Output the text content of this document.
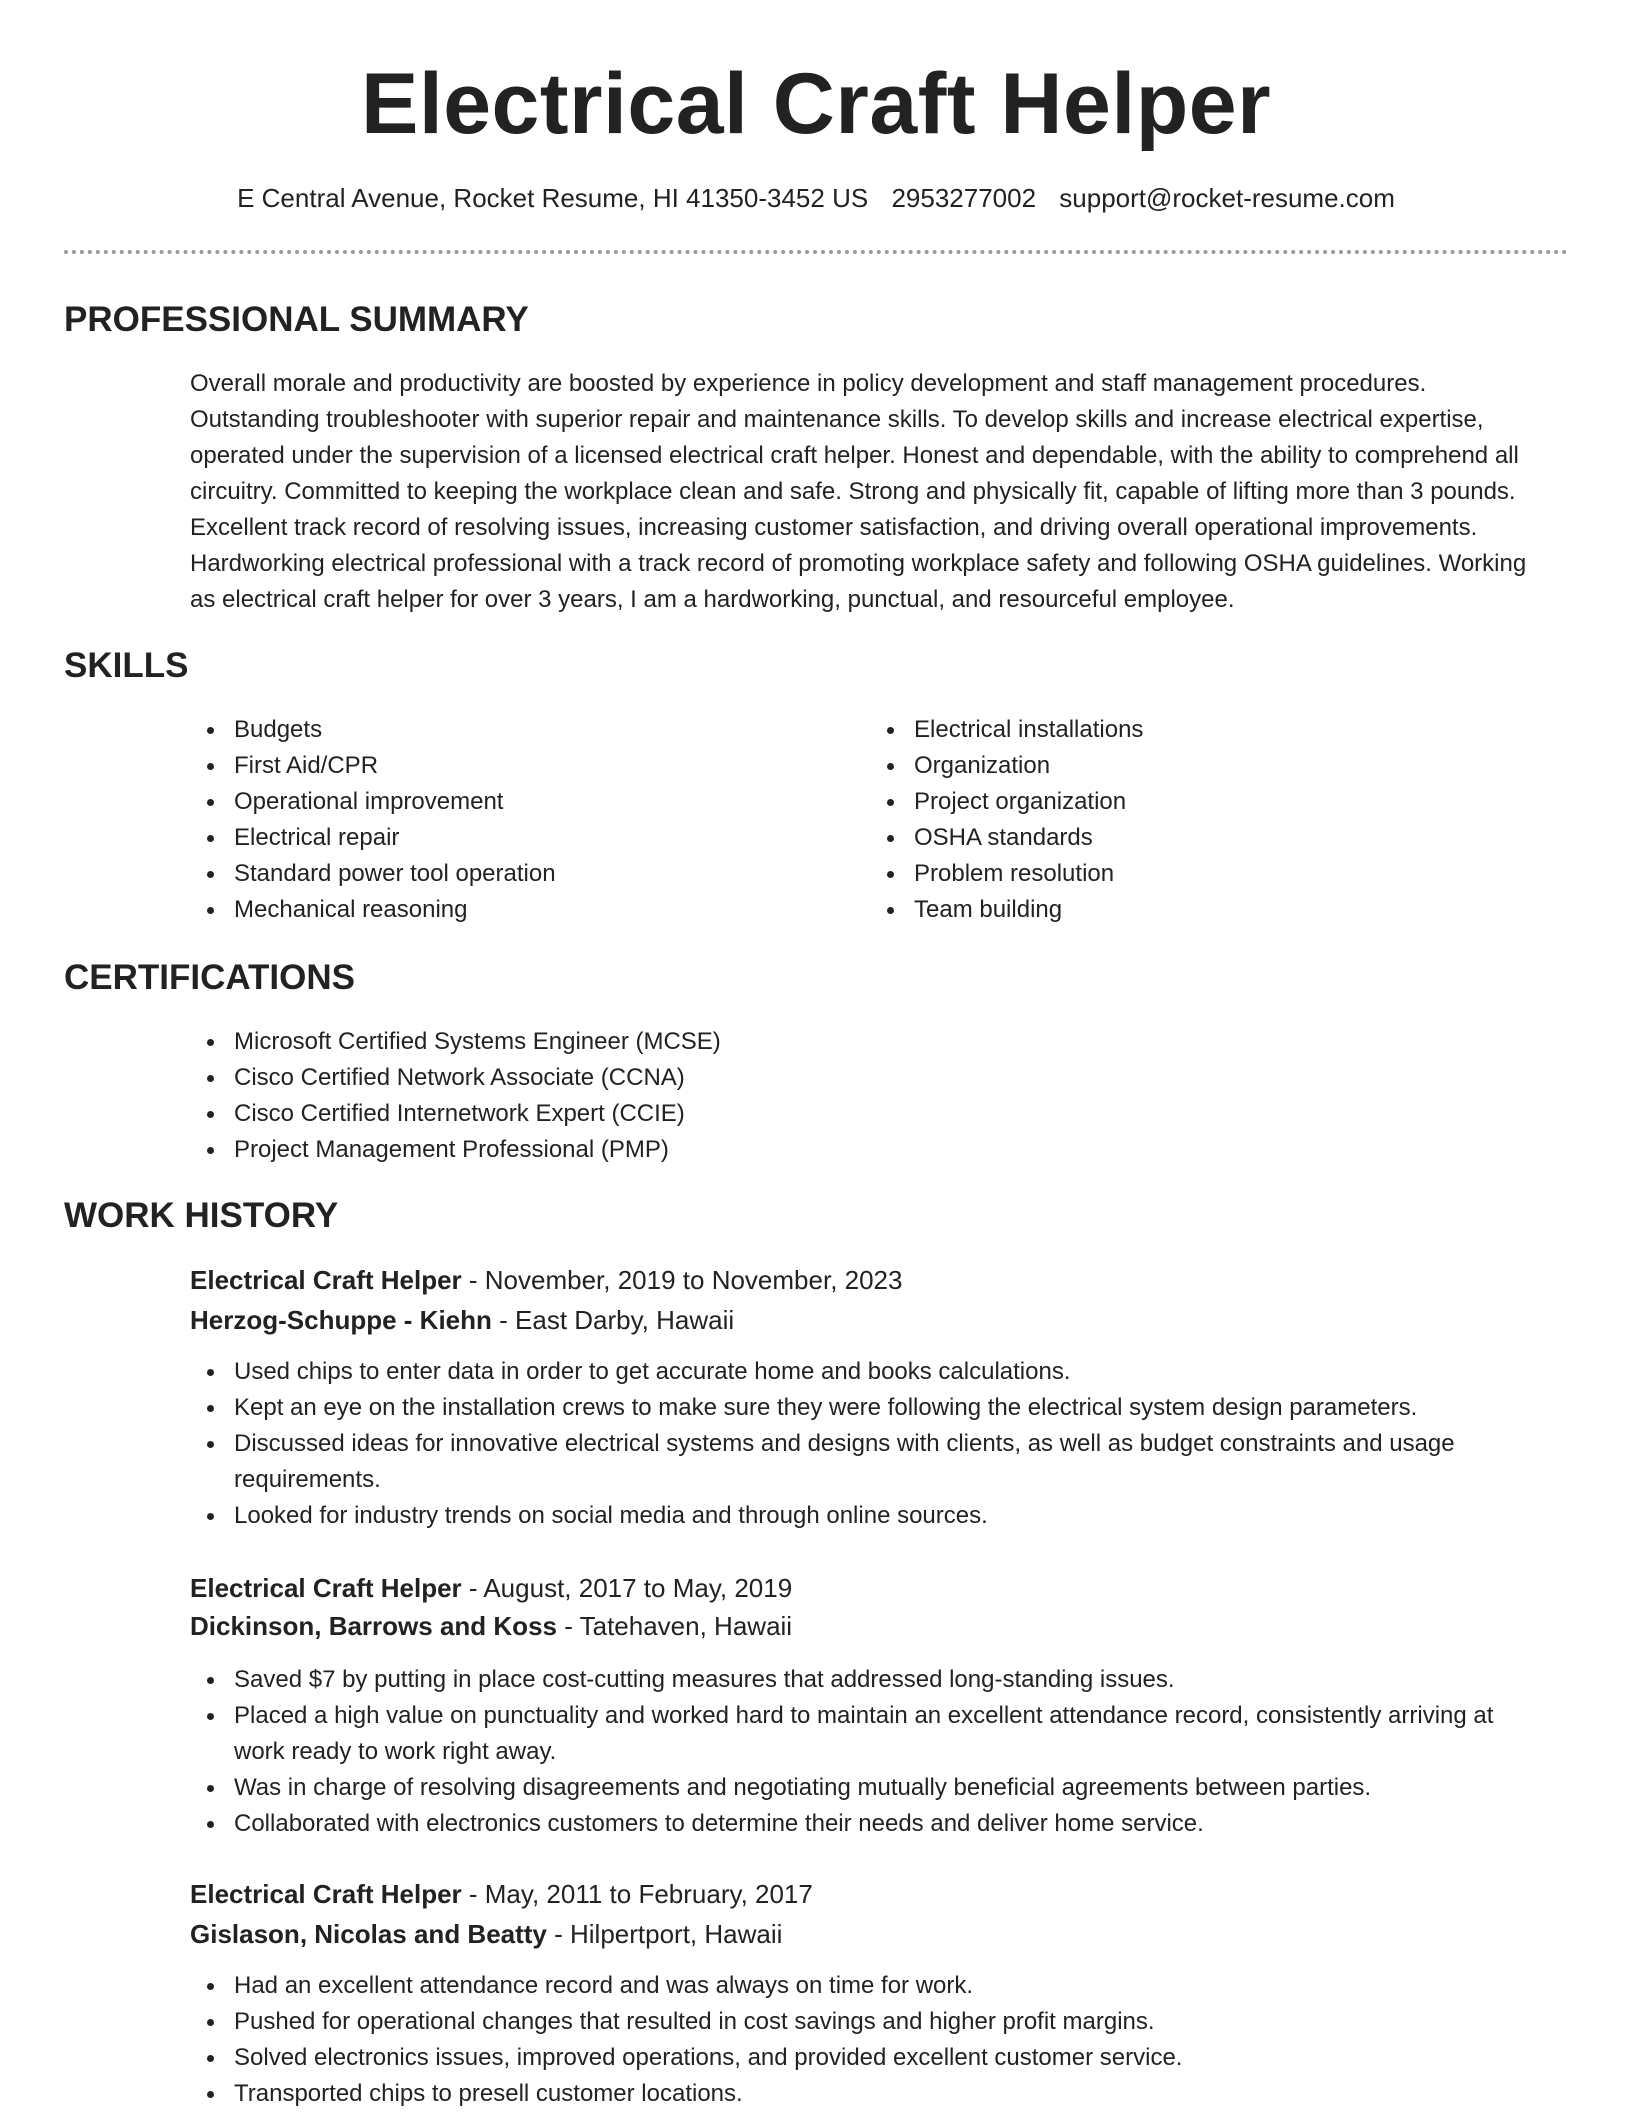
Electrical Craft Helper
E Central Avenue, Rocket Resume, HI 41350-3452 US 2953277002 support@rocket-resume.com
PROFESSIONAL SUMMARY

Overall morale and productivity are boosted by experience in policy development and staff management procedures. Outstanding troubleshooter with superior repair and maintenance skills. To develop skills and increase electrical expertise, operated under the supervision of a licensed electrical craft helper. Honest and dependable, with the ability to comprehend all circuitry. Committed to keeping the workplace clean and safe. Strong and physically fit, capable of lifting more than 3 pounds. Excellent track record of resolving issues, increasing customer satisfaction, and driving overall operational improvements. Hardworking electrical professional with a track record of promoting workplace safety and following OSHA guidelines. Working as electrical craft helper for over 3 years, I am a hardworking, punctual, and resourceful employee.

SKILLS
Budgets
First Aid/CPR
Operational improvement
Electrical repair
Standard power tool operation
Mechanical reasoning
Electrical installations
Organization
Project organization
OSHA standards
Problem resolution
Team building
CERTIFICATIONS
Microsoft Certified Systems Engineer (MCSE)
Cisco Certified Network Associate (CCNA)
Cisco Certified Internetwork Expert (CCIE)
Project Management Professional (PMP)
WORK HISTORY
Electrical Craft Helper - November, 2019 to November, 2023
Herzog-Schuppe - Kiehn - East Darby, Hawaii
Used chips to enter data in order to get accurate home and books calculations.
Kept an eye on the installation crews to make sure they were following the electrical system design parameters.
Discussed ideas for innovative electrical systems and designs with clients, as well as budget constraints and usage requirements.
Looked for industry trends on social media and through online sources.
Electrical Craft Helper - August, 2017 to May, 2019
Dickinson, Barrows and Koss - Tatehaven, Hawaii
Saved $7 by putting in place cost-cutting measures that addressed long-standing issues.
Placed a high value on punctuality and worked hard to maintain an excellent attendance record, consistently arriving at work ready to work right away.
Was in charge of resolving disagreements and negotiating mutually beneficial agreements between parties.
Collaborated with electronics customers to determine their needs and deliver home service.
Electrical Craft Helper - May, 2011 to February, 2017
Gislason, Nicolas and Beatty - Hilpertport, Hawaii
Had an excellent attendance record and was always on time for work.
Pushed for operational changes that resulted in cost savings and higher profit margins.
Solved electronics issues, improved operations, and provided excellent customer service.
Transported chips to presell customer locations.
